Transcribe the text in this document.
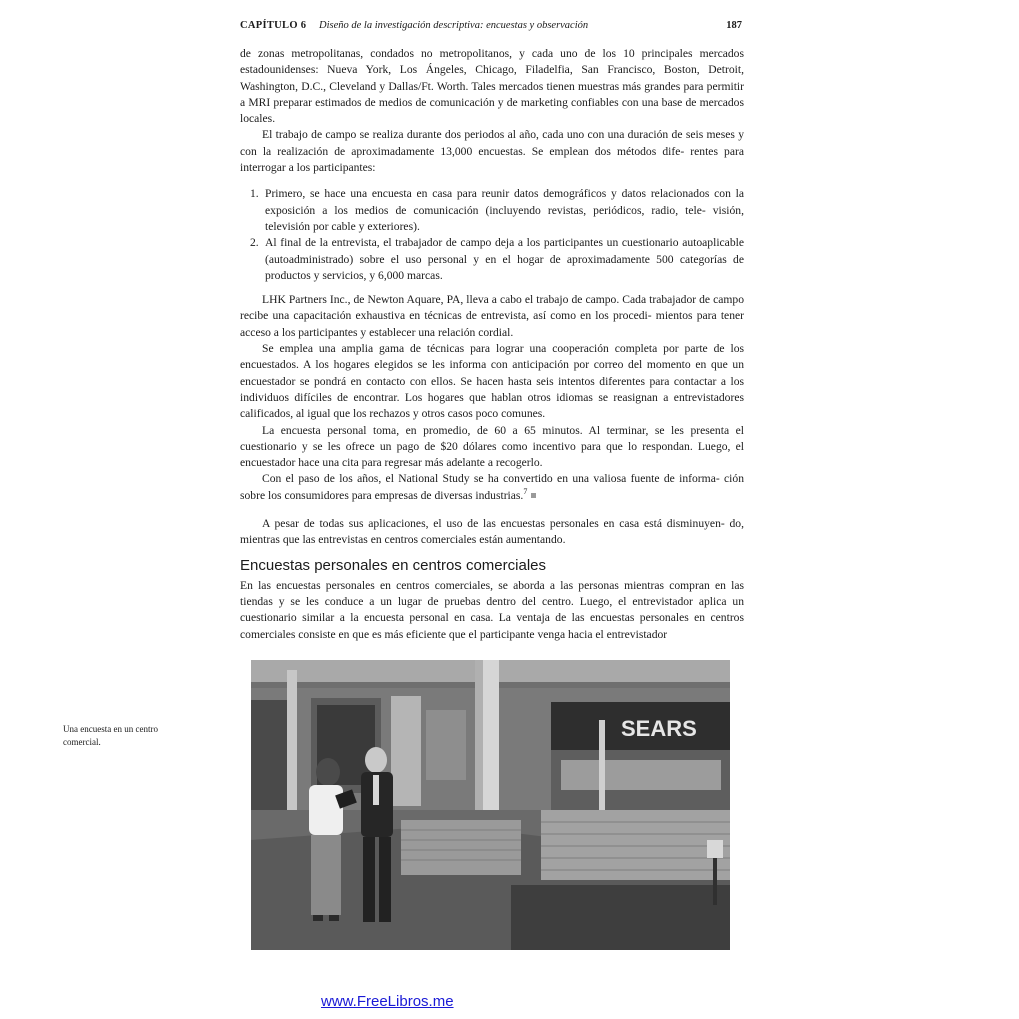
CAPÍTULO 6 Diseño de la investigación descriptiva: encuestas y observación	187

de zonas metropolitanas, condados no metropolitanos, y cada uno de los 10 principales mercados estadounidenses: Nueva York, Los Ángeles, Chicago, Filadelfia, San Francisco, Boston, Detroit, Washington, D.C., Cleveland y Dallas/Ft. Worth. Tales mercados tienen muestras más grandes para permitir a MRI preparar estimados de medios de comunicación y de marketing confiables con una base de mercados locales.

El trabajo de campo se realiza durante dos periodos al año, cada uno con una duración de seis meses y con la realización de aproximadamente 13,000 encuestas. Se emplean dos métodos dife- rentes para interrogar a los participantes:

1. Primero, se hace una encuesta en casa para reunir datos demográficos y datos relacionados con la exposición a los medios de comunicación (incluyendo revistas, periódicos, radio, tele- visión, televisión por cable y exteriores).
2. Al final de la entrevista, el trabajador de campo deja a los participantes un cuestionario autoaplicable (autoadministrado) sobre el uso personal y en el hogar de aproximadamente 500 categorías de productos y servicios, y 6,000 marcas.

LHK Partners Inc., de Newton Aquare, PA, lleva a cabo el trabajo de campo. Cada trabajador de campo recibe una capacitación exhaustiva en técnicas de entrevista, así como en los procedi- mientos para tener acceso a los participantes y establecer una relación cordial.

Se emplea una amplia gama de técnicas para lograr una cooperación completa por parte de los encuestados. A los hogares elegidos se les informa con anticipación por correo del momento en que un encuestador se pondrá en contacto con ellos. Se hacen hasta seis intentos diferentes para contactar a los individuos difíciles de encontrar. Los hogares que hablan otros idiomas se reasignan a entrevistadores calificados, al igual que los rechazos y otros casos poco comunes.

La encuesta personal toma, en promedio, de 60 a 65 minutos. Al terminar, se les presenta el cuestionario y se les ofrece un pago de $20 dólares como incentivo para que lo respondan. Luego, el encuestador hace una cita para regresar más adelante a recogerlo.

Con el paso de los años, el National Study se ha convertido en una valiosa fuente de informa- ción sobre los consumidores para empresas de diversas industrias.$^7$

A pesar de todas sus aplicaciones, el uso de las encuestas personales en casa está disminuyen- do, mientras que las entrevistas en centros comerciales están aumentando.

Encuestas personales en centros comerciales

En las encuestas personales en centros comerciales, se aborda a las personas mientras compran en las tiendas y se les conduce a un lugar de pruebas dentro del centro. Luego, el entrevistador aplica un cuestionario similar a la encuesta personal en casa. La ventaja de las encuestas personales en centros comerciales consiste en que es más eficiente que el participante venga hacia el entrevistador

Una encuesta en un centro comercial.
SEARS
www.FreeLibros.me
